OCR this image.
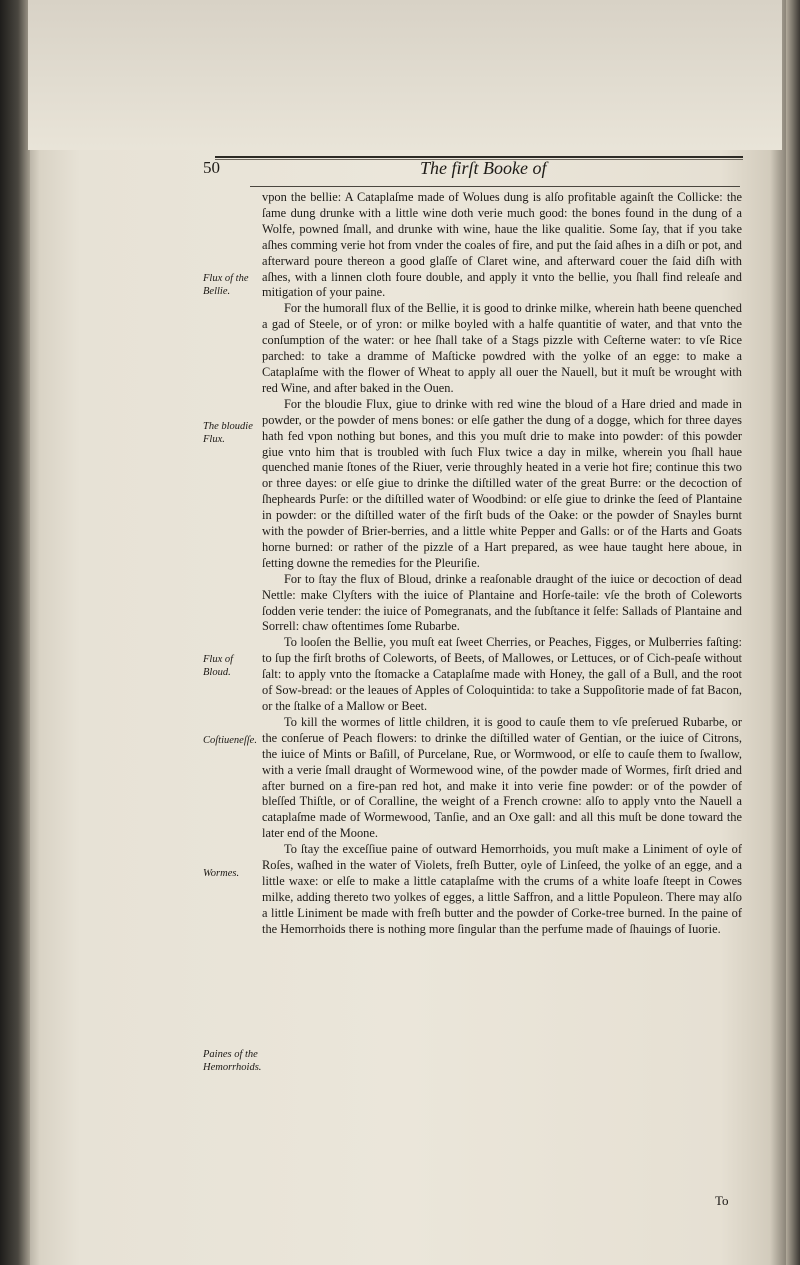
50	The firſt Booke of
Flux of the Bellie.
The bloudie Flux.
Flux of Bloud.
Coſtiueneſſe.
Wormes.
Paines of the Hemorrhoids.

vpon the bellie: A Cataplaſme made of Wolues dung is alſo profitable againſt the Collicke: the ſame dung drunke with a little wine doth verie much good: the bones found in the dung of a Wolfe, powned ſmall, and drunke with wine, haue the like qualitie. Some ſay, that if you take aſhes comming verie hot from vnder the coales of fire, and put the ſaid aſhes in a diſh or pot, and afterward poure thereon a good glaſſe of Claret wine, and afterward couer the ſaid diſh with aſhes, with a linnen cloth foure double, and apply it vnto the bellie, you ſhall find releaſe and mitigation of your paine.

For the humorall flux of the Bellie, it is good to drinke milke, wherein hath beene quenched a gad of Steele, or of yron: or milke boyled with a halfe quantitie of water, and that vnto the conſumption of the water: or hee ſhall take of a Stags pizzle with Ceſterne water: to vſe Rice parched: to take a dramme of Maſticke powdred with the yolke of an egge: to make a Cataplaſme with the flower of Wheat to apply all ouer the Nauell, but it muſt be wrought with red Wine, and after baked in the Ouen.

For the bloudie Flux, giue to drinke with red wine the bloud of a Hare dried and made in powder, or the powder of mens bones: or elſe gather the dung of a dogge, which for three dayes hath fed vpon nothing but bones, and this you muſt drie to make into powder: of this powder giue vnto him that is troubled with ſuch Flux twice a day in milke, wherein you ſhall haue quenched manie ſtones of the Riuer, verie throughly heated in a verie hot fire; continue this two or three dayes: or elſe giue to drinke the diſtilled water of the great Burre: or the decoction of ſhepheards Purſe: or the diſtilled water of Woodbind: or elſe giue to drinke the ſeed of Plantaine in powder: or the diſtilled water of the firſt buds of the Oake: or the powder of Snayles burnt with the powder of Brier-berries, and a little white Pepper and Galls: or of the Harts and Goats horne burned: or rather of the pizzle of a Hart prepared, as wee haue taught here aboue, in ſetting downe the remedies for the Pleuriſie.

For to ſtay the flux of Bloud, drinke a reaſonable draught of the iuice or decoction of dead Nettle: make Clyſters with the iuice of Plantaine and Horſe-taile: vſe the broth of Coleworts ſodden verie tender: the iuice of Pomegranats, and the ſubſtance it ſelfe: Sallads of Plantaine and Sorrell: chaw oftentimes ſome Rubarbe.

To looſen the Bellie, you muſt eat ſweet Cherries, or Peaches, Figges, or Mulberries faſting: to ſup the firſt broths of Coleworts, of Beets, of Mallowes, or Lettuces, or of Cich-peaſe without ſalt: to apply vnto the ſtomacke a Cataplaſme made with Honey, the gall of a Bull, and the root of Sow-bread: or the leaues of Apples of Coloquintida: to take a Suppoſitorie made of fat Bacon, or the ſtalke of a Mallow or Beet.

To kill the wormes of little children, it is good to cauſe them to vſe preſerued Rubarbe, or the conſerue of Peach flowers: to drinke the diſtilled water of Gentian, or the iuice of Citrons, the iuice of Mints or Baſill, of Purcelane, Rue, or Wormwood, or elſe to cauſe them to ſwallow, with a verie ſmall draught of Wormewood wine, of the powder made of Wormes, firſt dried and after burned on a fire-pan red hot, and make it into verie fine powder: or of the powder of bleſſed Thiſtle, or of Coralline, the weight of a French crowne: alſo to apply vnto the Nauell a cataplaſme made of Wormewood, Tanſie, and an Oxe gall: and all this muſt be done toward the later end of the Moone.

To ſtay the exceſſiue paine of outward Hemorrhoids, you muſt make a Liniment of oyle of Roſes, waſhed in the water of Violets, freſh Butter, oyle of Linſeed, the yolke of an egge, and a little waxe: or elſe to make a little cataplaſme with the crums of a white loafe ſteept in Cowes milke, adding thereto two yolkes of egges, a little Saffron, and a little Populeon. There may alſo a little Liniment be made with freſh butter and the powder of Corke-tree burned. In the paine of the Hemorrhoids there is nothing more ſingular than the perfume made of ſhauings of Iuorie.

To
